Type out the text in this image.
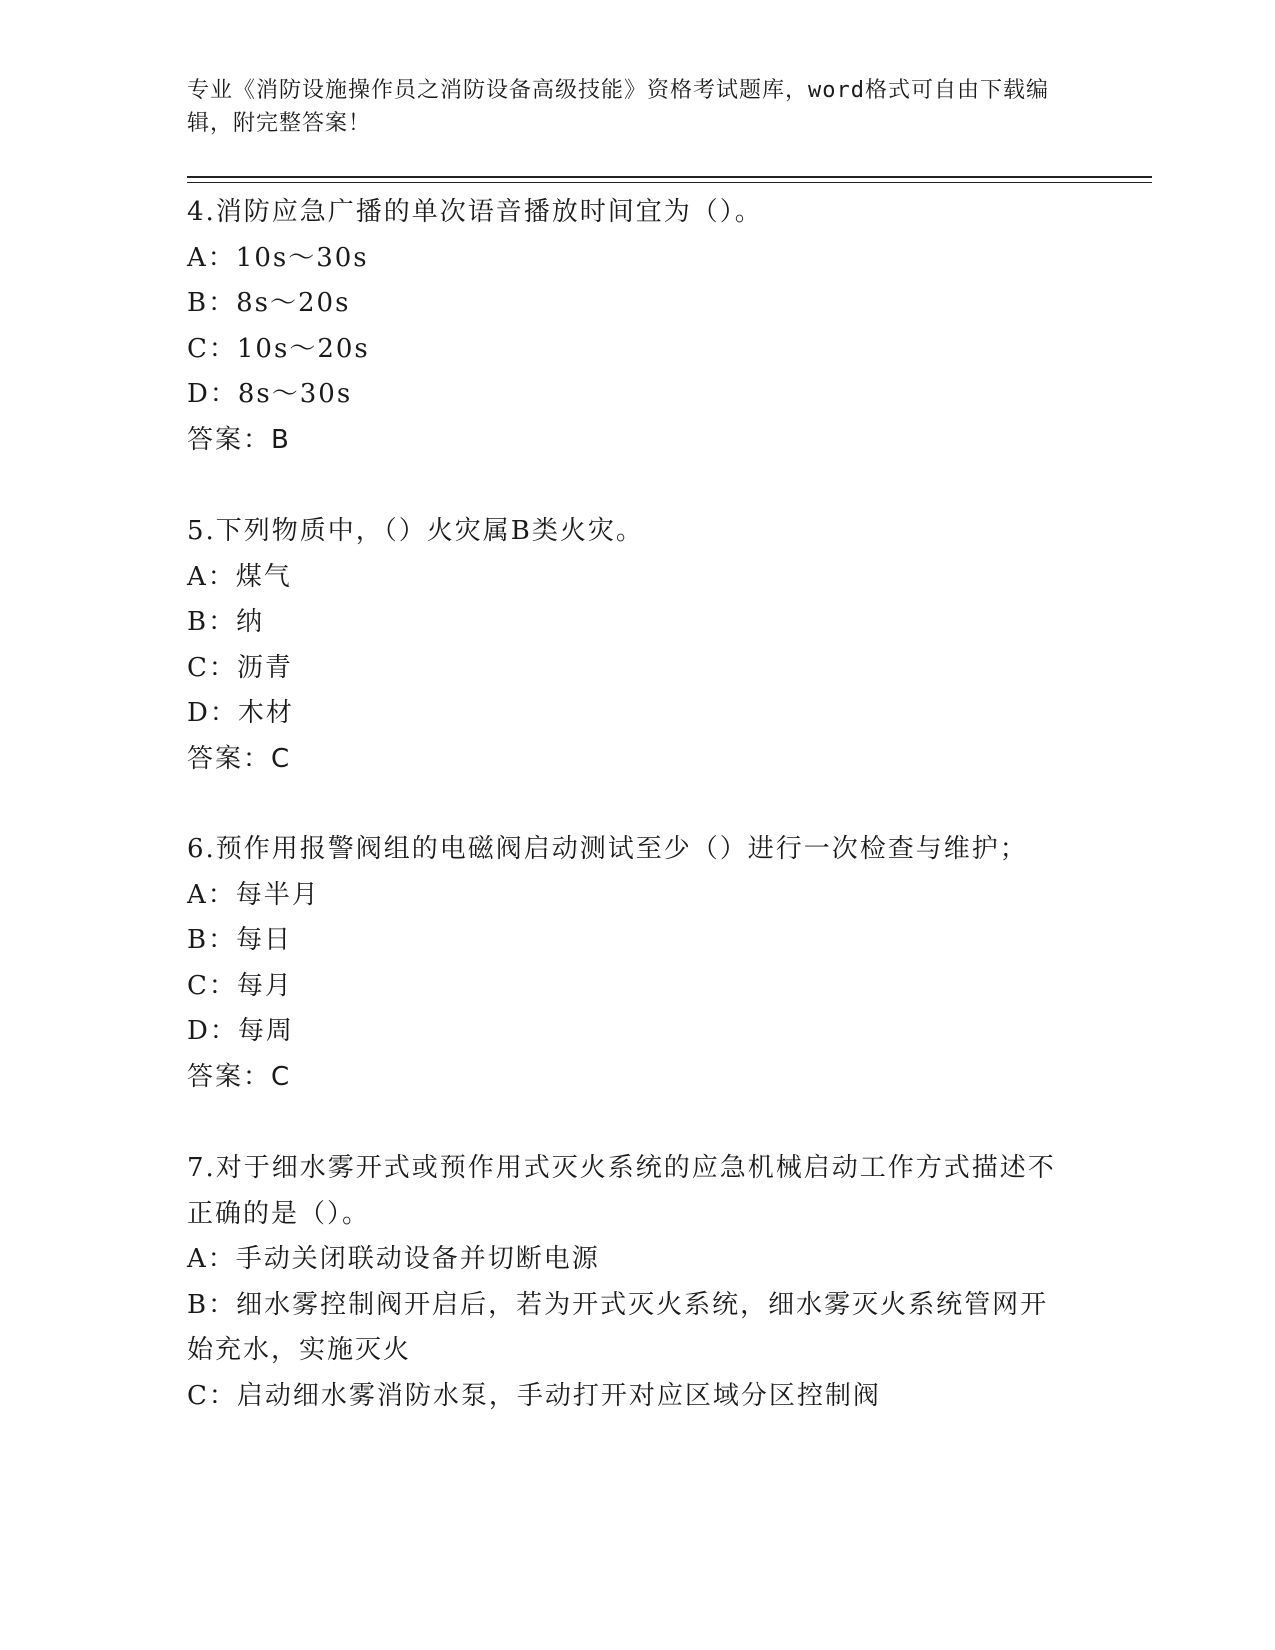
专业《消防设施操作员之消防设备高级技能》资格考试题库，word格式可自由下载编辑，附完整答案！
4.消防应急广播的单次语音播放时间宜为（）。
A：10s～30s
B：8s～20s
C：10s～20s
D：8s～30s
答案：B
5.下列物质中，（）火灾属B类火灾。
A：煤气
B：纳
C：沥青
D：木材
答案：C
6.预作用报警阀组的电磁阀启动测试至少（）进行一次检查与维护；
A：每半月
B：每日
C：每月
D：每周
答案：C
7.对于细水雾开式或预作用式灭火系统的应急机械启动工作方式描述不正确的是（）。
A：手动关闭联动设备并切断电源
B：细水雾控制阀开启后，若为开式灭火系统，细水雾灭火系统管网开始充水，实施灭火
C：启动细水雾消防水泵，手动打开对应区域分区控制阀
